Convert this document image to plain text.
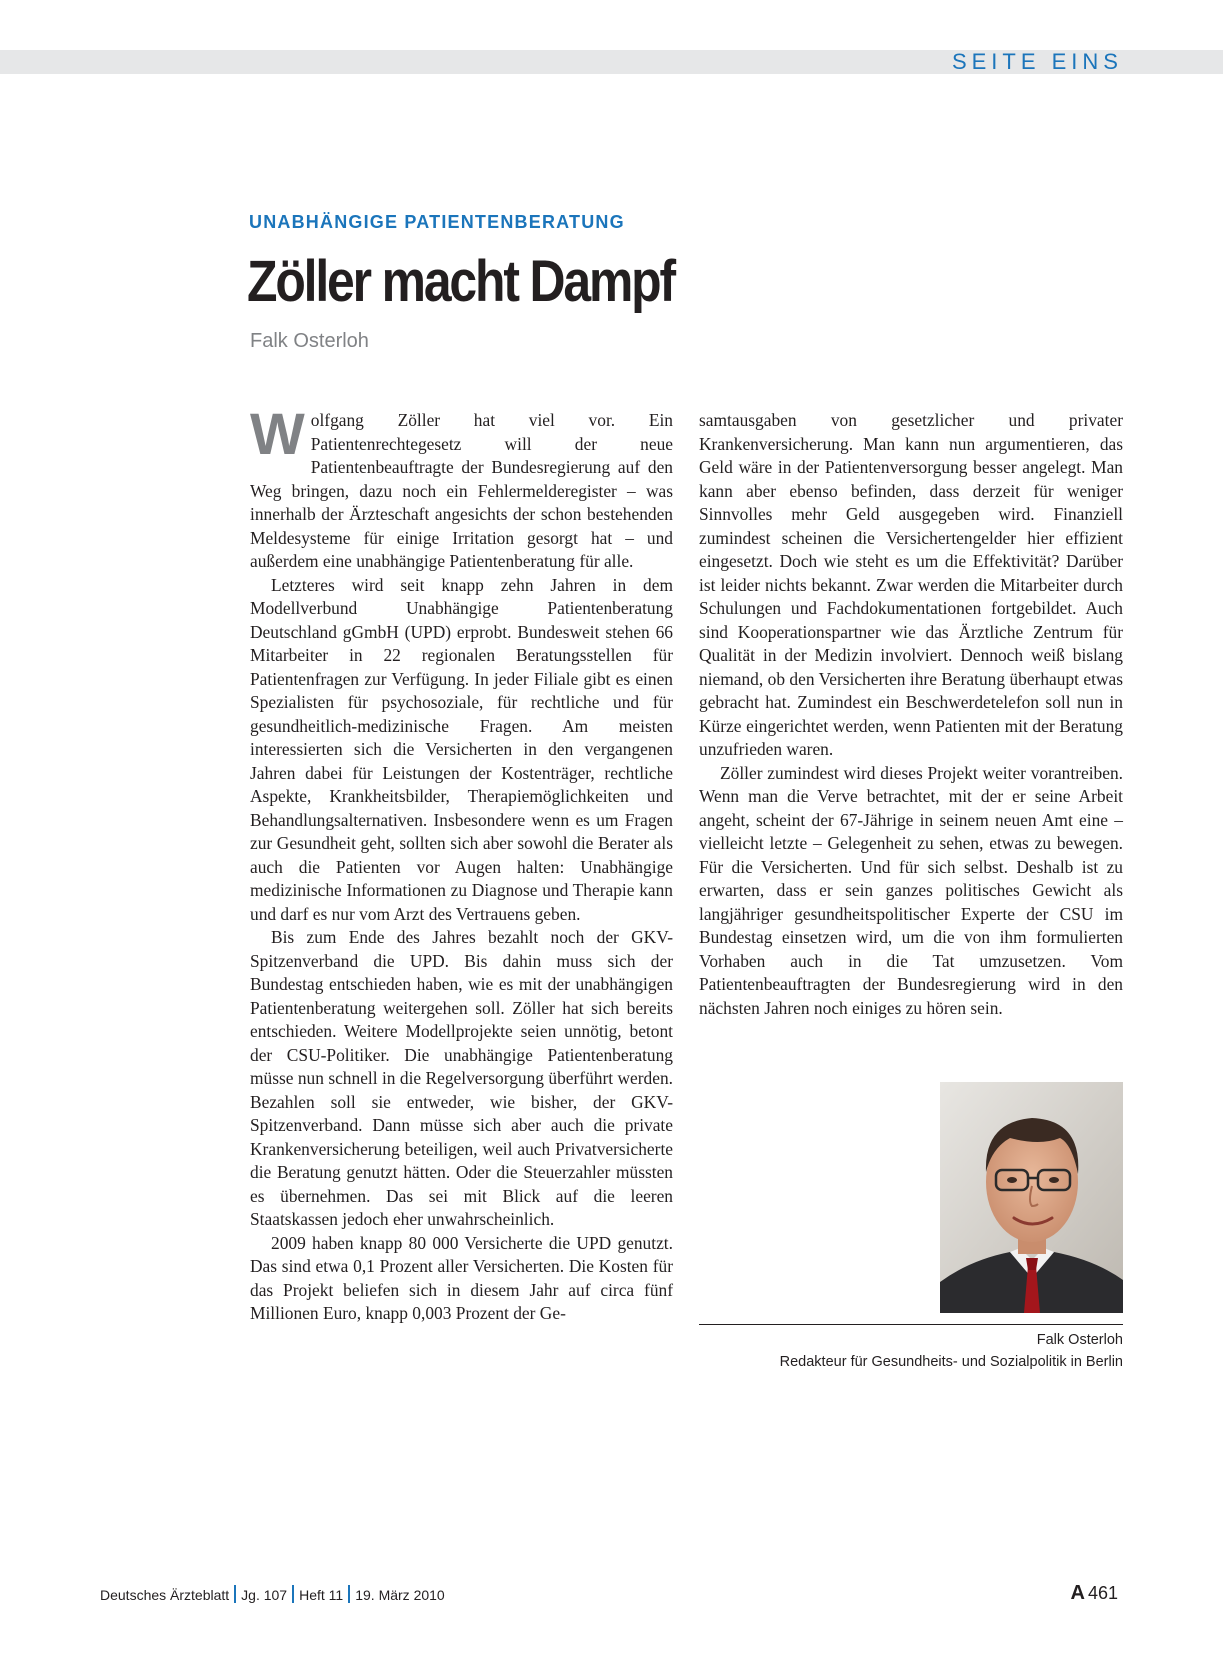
SEITE EINS
UNABHÄNGIGE PATIENTENBERATUNG
Zöller macht Dampf
Falk Osterloh

Wolfgang Zöller hat viel vor. Ein Patientenrechtegesetz will der neue Patientenbeauftragte der Bundesregierung auf den Weg bringen, dazu noch ein Fehlermelderegister – was innerhalb der Ärzteschaft angesichts der schon bestehenden Meldesysteme für einige Irritation gesorgt hat – und außerdem eine unabhängige Patientenberatung für alle.

Letzteres wird seit knapp zehn Jahren in dem Modellverbund Unabhängige Patientenberatung Deutschland gGmbH (UPD) erprobt. Bundesweit stehen 66 Mitarbeiter in 22 regionalen Beratungsstellen für Patientenfragen zur Verfügung. In jeder Filiale gibt es einen Spezialisten für psychosoziale, für rechtliche und für gesundheitlich-medizinische Fragen. Am meisten interessierten sich die Versicherten in den vergangenen Jahren dabei für Leistungen der Kostenträger, rechtliche Aspekte, Krankheitsbilder, Therapiemöglichkeiten und Behandlungsalternativen. Insbesondere wenn es um Fragen zur Gesundheit geht, sollten sich aber sowohl die Berater als auch die Patienten vor Augen halten: Unabhängige medizinische Informationen zu Diagnose und Therapie kann und darf es nur vom Arzt des Vertrauens geben.

Bis zum Ende des Jahres bezahlt noch der GKV-Spitzenverband die UPD. Bis dahin muss sich der Bundestag entschieden haben, wie es mit der unabhängigen Patientenberatung weitergehen soll. Zöller hat sich bereits entschieden. Weitere Modellprojekte seien unnötig, betont der CSU-Politiker. Die unabhängige Patientenberatung müsse nun schnell in die Regelversorgung überführt werden. Bezahlen soll sie entweder, wie bisher, der GKV-Spitzenverband. Dann müsse sich aber auch die private Krankenversicherung beteiligen, weil auch Privatversicherte die Beratung genutzt hätten. Oder die Steuerzahler müssten es übernehmen. Das sei mit Blick auf die leeren Staatskassen jedoch eher unwahrscheinlich.

2009 haben knapp 80 000 Versicherte die UPD genutzt. Das sind etwa 0,1 Prozent aller Versicherten. Die Kosten für das Projekt beliefen sich in diesem Jahr auf circa fünf Millionen Euro, knapp 0,003 Prozent der Ge-

samtausgaben von gesetzlicher und privater Krankenversicherung. Man kann nun argumentieren, das Geld wäre in der Patientenversorgung besser angelegt. Man kann aber ebenso befinden, dass derzeit für weniger Sinnvolles mehr Geld ausgegeben wird. Finanziell zumindest scheinen die Versichertengelder hier effizient eingesetzt. Doch wie steht es um die Effektivität? Darüber ist leider nichts bekannt. Zwar werden die Mitarbeiter durch Schulungen und Fachdokumentationen fortgebildet. Auch sind Kooperationspartner wie das Ärztliche Zentrum für Qualität in der Medizin involviert. Dennoch weiß bislang niemand, ob den Versicherten ihre Beratung überhaupt etwas gebracht hat. Zumindest ein Beschwerdetelefon soll nun in Kürze eingerichtet werden, wenn Patienten mit der Beratung unzufrieden waren.

Zöller zumindest wird dieses Projekt weiter vorantreiben. Wenn man die Verve betrachtet, mit der er seine Arbeit angeht, scheint der 67-Jährige in seinem neuen Amt eine – vielleicht letzte – Gelegenheit zu sehen, etwas zu bewegen. Für die Versicherten. Und für sich selbst. Deshalb ist zu erwarten, dass er sein ganzes politisches Gewicht als langjähriger gesundheitspolitischer Experte der CSU im Bundestag einsetzen wird, um die von ihm formulierten Vorhaben auch in die Tat umzusetzen. Vom Patientenbeauftragten der Bundesregierung wird in den nächsten Jahren noch einiges zu hören sein.

Falk Osterloh
Redakteur für Gesundheits- und Sozialpolitik in Berlin
Deutsches Ärzteblatt Jg. 107 Heft 11 19. März 2010	A 461
